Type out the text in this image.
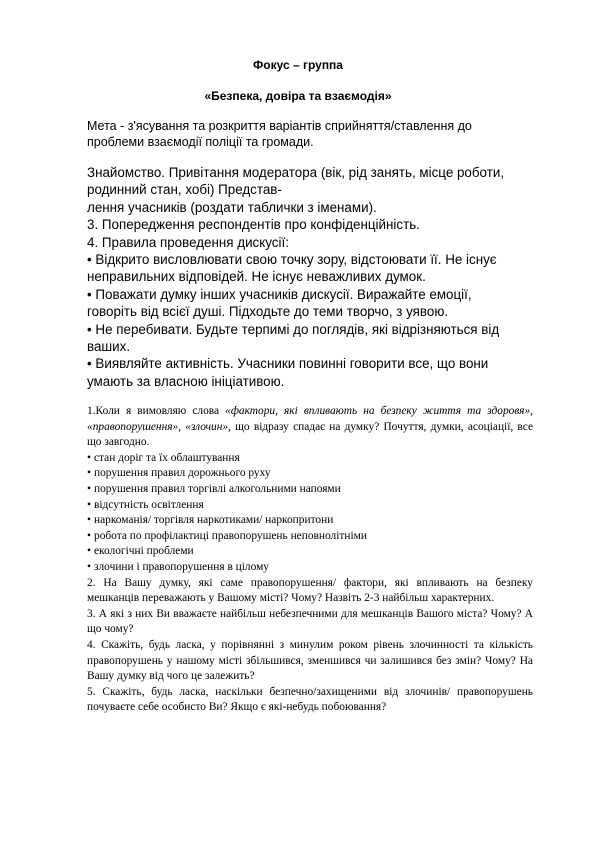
Фокус – группа
«Безпека, довіра та взаємодія»
Мета - з'ясування та розкриття варіантів сприйняття/ставлення до проблеми взаємодії поліції та громади.

Знайомство. Привітання модератора (вік, рід занять, місце роботи, родинний стан, хобі) Представ-

лення учасників (роздати таблички з іменами).

3. Попередження респондентів про конфіденційність.

4. Правила проведення дискусії:

• Відкрито висловлювати свою точку зору, відстоювати її. Не існує неправильних відповідей. Не існує неважливих думок.

• Поважати думку інших учасників дискусії. Виражайте емоції, говоріть від всієї душі. Підходьте до теми творчо, з уявою.

• Не перебивати. Будьте терпимі до поглядів, які відрізняються від ваших.

• Виявляйте активність. Учасники повинні говорити все, що вони умають за власною ініціативою.

1.Коли я вимовляю слова «фактори, які впливають на безпеку життя та здоровя», «правопорушення», «злочин», що відразу спадає на думку? Почуття, думки, асоціації, все що завгодно.

• стан доріг та їх облаштування
• порушення правил дорожнього руху
• порушення правил торгівлі алкогольними напоями
• відсутність освітлення
• наркоманія/ торгівля наркотиками/ наркопритони
• робота по профілактиці правопорушень неповнолітніми
• екологічні проблеми
• злочини і правопорушення в цілому

2. На Вашу думку, які саме правопорушення/ фактори, які впливають на безпеку мешканців переважають у Вашому місті? Чому? Назвіть 2-3 найбільш характерних.

3. А які з них Ви вважаєте найбільш небезпечними для мешканців Вашого міста? Чому? А що чому?

4. Скажіть, будь ласка, у порівнянні з минулим роком рівень злочинності та кількість правопорушень у нашому місті збільшився, зменшився чи залишився без змін? Чому? На Вашу думку від чого це залежить?

5. Скажіть, будь ласка, наскільки безпечно/захищеними від злочинів/ правопорушень почуваєте себе особисто Ви? Якщо є які-небудь побоювання?
